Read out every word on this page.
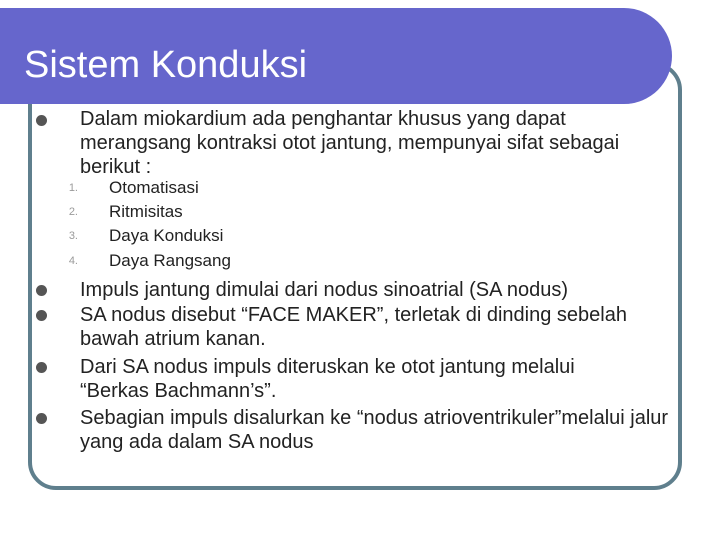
Sistem Konduksi
Dalam miokardium ada penghantar khusus yang dapat merangsang kontraksi otot jantung, mempunyai sifat sebagai berikut :
1. Otomatisasi
2. Ritmisitas
3. Daya Konduksi
4. Daya Rangsang
Impuls jantung dimulai dari nodus sinoatrial (SA nodus)
SA nodus disebut “FACE MAKER”, terletak di dinding sebelah bawah atrium kanan.
Dari SA nodus impuls diteruskan ke otot jantung melalui “Berkas Bachmann’s”.
Sebagian impuls disalurkan ke “nodus atrioventrikuler”melalui jalur yang ada dalam SA nodus
